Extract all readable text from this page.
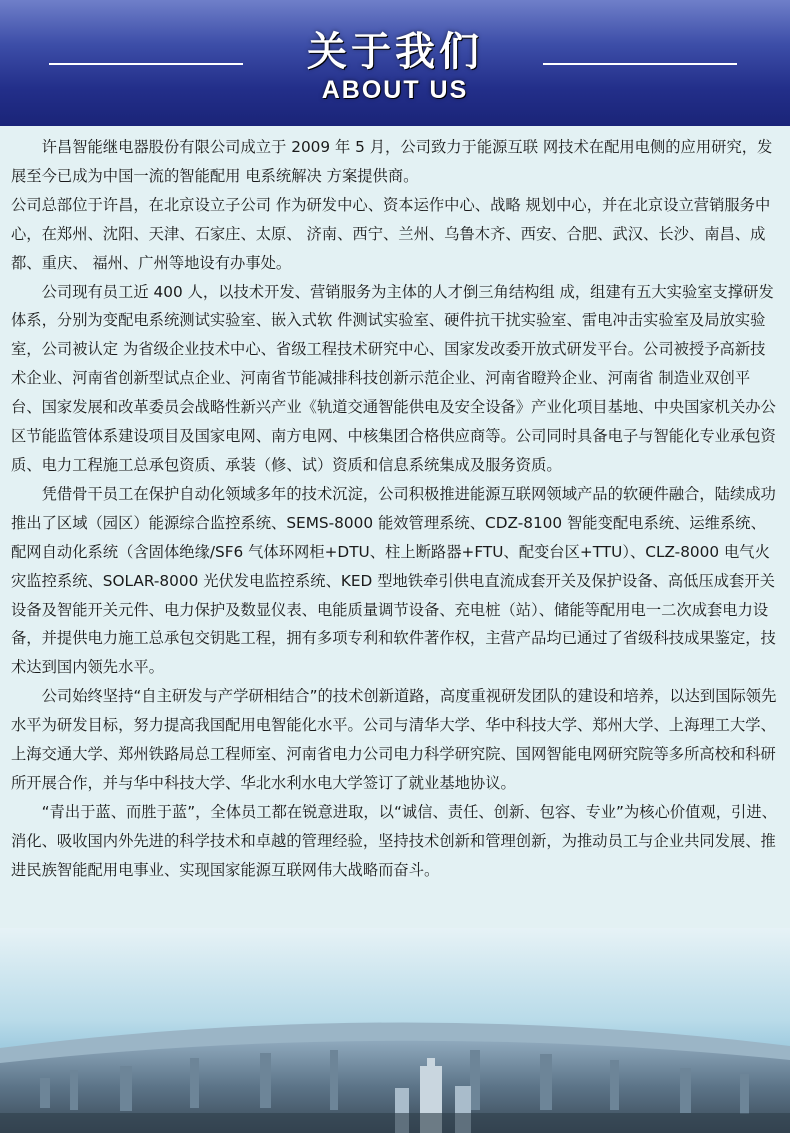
关于我们
ABOUT US

许昌智能继电器股份有限公司成立于 2009 年 5 月，公司致力于能源互联 网技术在配用电侧的应用研究，发展至今已成为中国一流的智能配用 电系统解决 方案提供商。

公司总部位于许昌，在北京设立子公司 作为研发中心、资本运作中心、战略 规划中心，并在北京设立营销服务中心，在郑州、沈阳、天津、石家庄、太原、 济南、西宁、兰州、乌鲁木齐、西安、合肥、武汉、长沙、南昌、成都、重庆、 福州、广州等地设有办事处。

公司现有员工近 400 人，以技术开发、营销服务为主体的人才倒三角结构组 成，组建有五大实验室支撑研发体系，分别为变配电系统测试实验室、嵌入式软 件测试实验室、硬件抗干扰实验室、雷电冲击实验室及局放实验室，公司被认定 为省级企业技术中心、省级工程技术研究中心、国家发改委开放式研发平台。公司被授予高新技术企业、河南省创新型试点企业、河南省节能减排科技创新示范企业、河南省瞪羚企业、河南省 制造业双创平台、国家发展和改革委员会战略性新兴产业《轨道交通智能供电及安全设备》产业化项目基地、中央国家机关办公区节能监管体系建设项目及国家电网、南方电网、中核集团合格供应商等。公司同时具备电子与智能化专业承包资质、电力工程施工总承包资质、承装（修、试）资质和信息系统集成及服务资质。

凭借骨干员工在保护自动化领域多年的技术沉淀，公司积极推进能源互联网领域产品的软硬件融合，陆续成功推出了区域（园区）能源综合监控系统、SEMS-8000 能效管理系统、CDZ-8100 智能变配电系统、运维系统、配网自动化系统（含固体绝缘/SF6 气体环网柜+DTU、柱上断路器+FTU、配变台区+TTU）、CLZ-8000 电气火灾监控系统、SOLAR-8000 光伏发电监控系统、KED 型地铁牵引供电直流成套开关及保护设备、高低压成套开关设备及智能开关元件、电力保护及数显仪表、电能质量调节设备、充电桩（站）、储能等配用电一二次成套电力设备，并提供电力施工总承包交钥匙工程，拥有多项专利和软件著作权，主营产品均已通过了省级科技成果鉴定，技术达到国内领先水平。

公司始终坚持“自主研发与产学研相结合”的技术创新道路，高度重视研发团队的建设和培养，以达到国际领先水平为研发目标，努力提高我国配用电智能化水平。公司与清华大学、华中科技大学、郑州大学、上海理工大学、上海交通大学、郑州铁路局总工程师室、河南省电力公司电力科学研究院、国网智能电网研究院等多所高校和科研所开展合作，并与华中科技大学、华北水利水电大学签订了就业基地协议。

“青出于蓝、而胜于蓝”，全体员工都在锐意进取，以“诚信、责任、创新、包容、专业”为核心价值观，引进、消化、吸收国内外先进的科学技术和卓越的管理经验，坚持技术创新和管理创新，为推动员工与企业共同发展、推进民族智能配用电事业、实现国家能源互联网伟大战略而奋斗。
